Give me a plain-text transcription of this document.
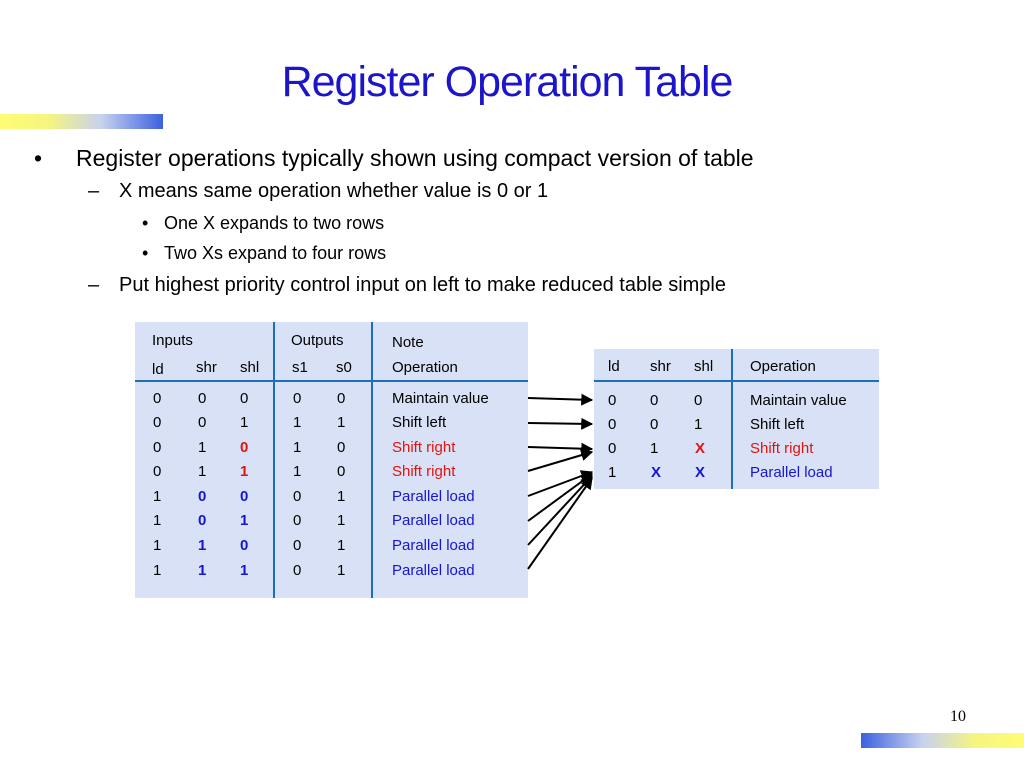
Register Operation Table
• Register operations typically shown using compact version of table
– X means same operation whether value is 0 or 1
• One X expands to two rows
• Two Xs expand to four rows
– Put highest priority control input on left to make reduced table simple
Inputs	Outputs	Note
ld shr shl s1 s0	Operation
0 0 0	0 0	Maintain value
0 0 1	1 1	Shift left
0 1 0	1 0	Shift right
0 1 1	1 0	Shift right
1 0 0	0 1	Parallel load
1 0 1	0 1	Parallel load
1 1 0	0 1	Parallel load
1 1 1	0 1	Parallel load
ld shr shl Operation
0 0 0	Maintain value
0 0 1	Shift left
0 1 X	Shift right
1 X X	Parallel load
10
